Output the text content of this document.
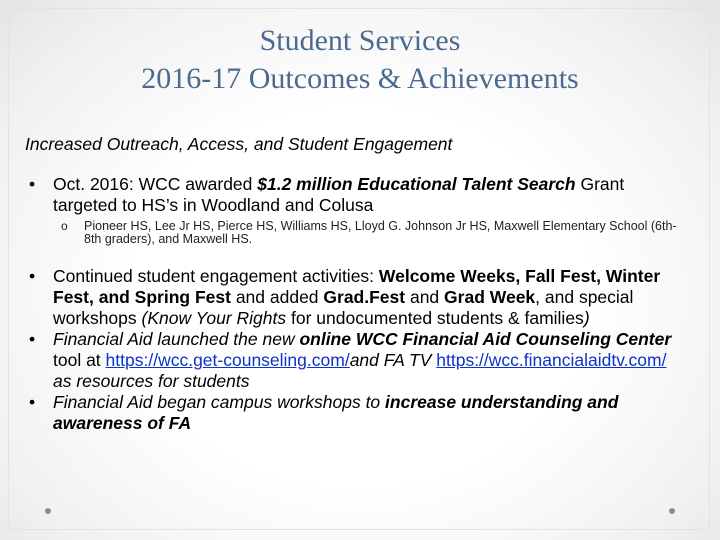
Student Services
2016-17 Outcomes & Achievements
Increased Outreach, Access, and Student Engagement
• Oct. 2016: WCC awarded $1.2 million Educational Talent Search Grant targeted to HS’s in Woodland and Colusa
o Pioneer HS, Lee Jr HS, Pierce HS, Williams HS, Lloyd G. Johnson Jr HS, Maxwell Elementary School (6th-8th graders), and Maxwell HS.
• Continued student engagement activities: Welcome Weeks, Fall Fest, Winter Fest, and Spring Fest and added Grad.Fest and Grad Week, and special workshops (Know Your Rights for undocumented students & families)
• Financial Aid launched the new online WCC Financial Aid Counseling Center tool at https://wcc.get-counseling.com/and FA TV https://wcc.financialaidtv.com/ as resources for students
• Financial Aid began campus workshops to increase understanding and awareness of FA
